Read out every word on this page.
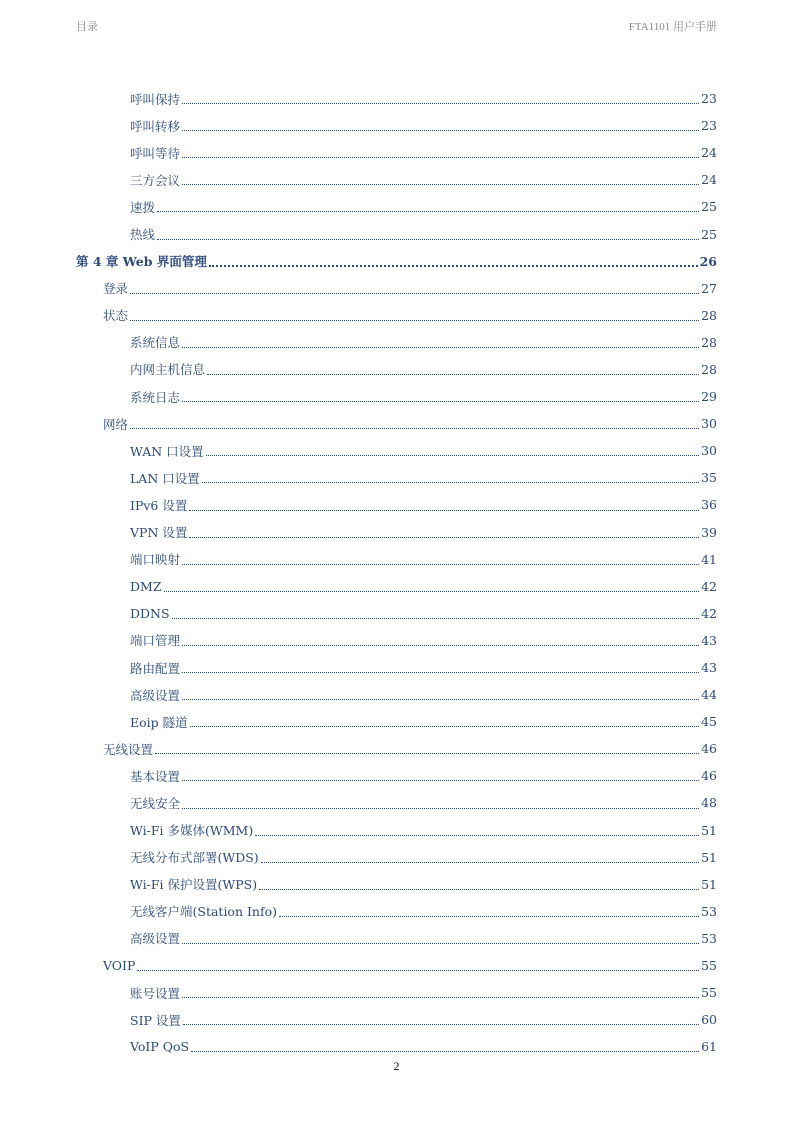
目录	FTA1101 用户手册
呼叫保持	23
呼叫转移	23
呼叫等待	24
三方会议	24
速拨	25
热线	25
第 4 章 Web 界面管理	26
登录	27
状态	28
系统信息	28
内网主机信息	28
系统日志	29
网络	30
WAN 口设置	30
LAN 口设置	35
IPv6 设置	36
VPN 设置	39
端口映射	41
DMZ	42
DDNS	42
端口管理	43
路由配置	43
高级设置	44
Eoip 隧道	45
无线设置	46
基本设置	46
无线安全	48
Wi-Fi 多媒体(WMM)	51
无线分布式部署(WDS)	51
Wi-Fi 保护设置(WPS)	51
无线客户端(Station Info)	53
高级设置	53
VOIP	55
账号设置	55
SIP 设置	60
VoIP QoS	61
2
